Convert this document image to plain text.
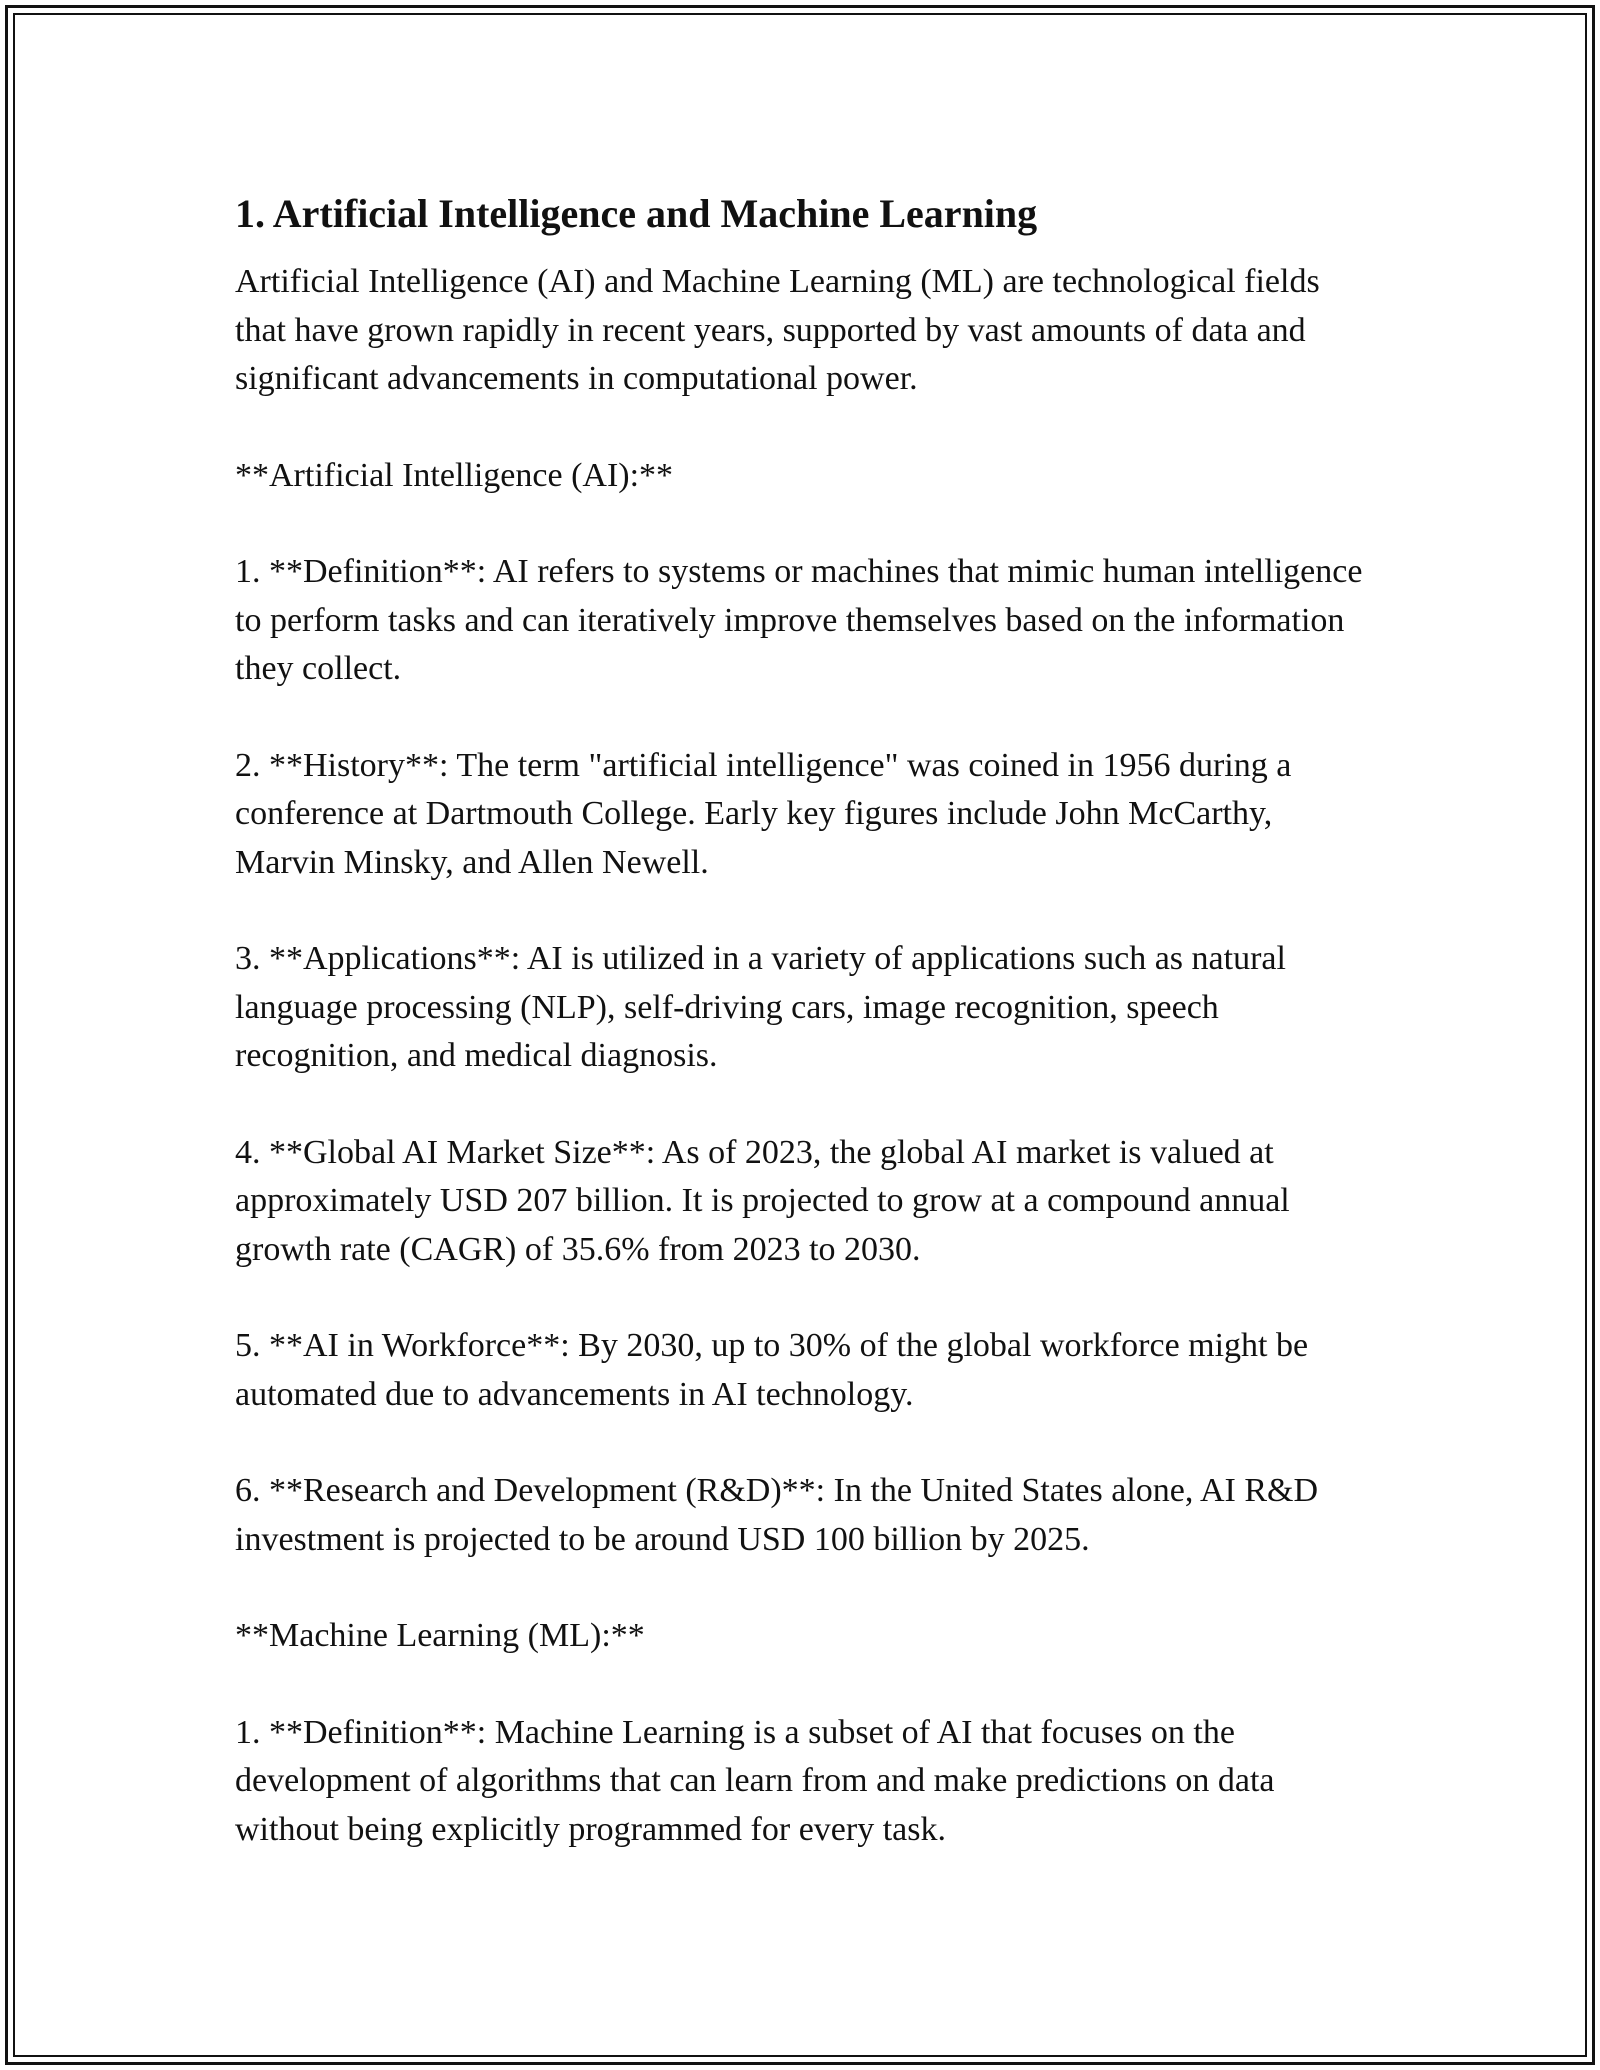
1. Artificial Intelligence and Machine Learning

Artificial Intelligence (AI) and Machine Learning (ML) are technological fields that have grown rapidly in recent years, supported by vast amounts of data and significant advancements in computational power.

**Artificial Intelligence (AI):**

1. **Definition**: AI refers to systems or machines that mimic human intelligence to perform tasks and can iteratively improve themselves based on the information they collect.

2. **History**: The term "artificial intelligence" was coined in 1956 during a conference at Dartmouth College. Early key figures include John McCarthy, Marvin Minsky, and Allen Newell.

3. **Applications**: AI is utilized in a variety of applications such as natural language processing (NLP), self-driving cars, image recognition, speech recognition, and medical diagnosis.

4. **Global AI Market Size**: As of 2023, the global AI market is valued at approximately USD 207 billion. It is projected to grow at a compound annual growth rate (CAGR) of 35.6% from 2023 to 2030.

5. **AI in Workforce**: By 2030, up to 30% of the global workforce might be automated due to advancements in AI technology.

6. **Research and Development (R&D)**: In the United States alone, AI R&D investment is projected to be around USD 100 billion by 2025.

**Machine Learning (ML):**

1. **Definition**: Machine Learning is a subset of AI that focuses on the development of algorithms that can learn from and make predictions on data without being explicitly programmed for every task.
